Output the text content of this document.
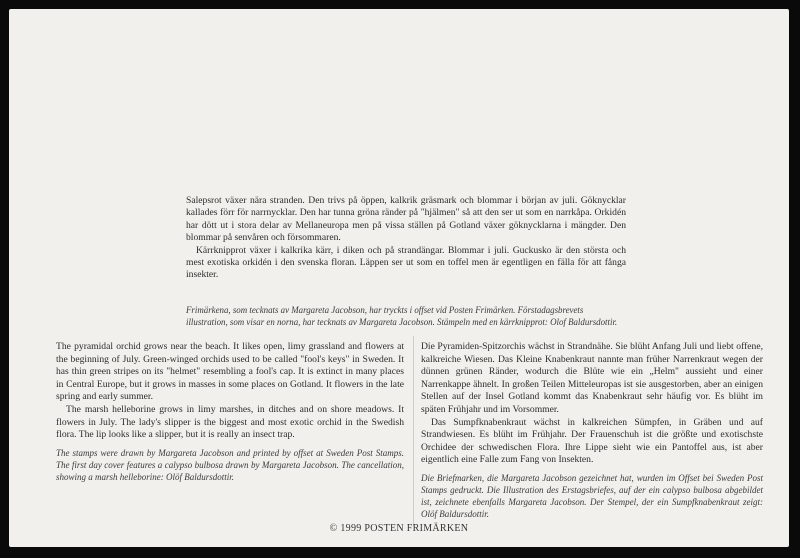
Salepsrot växer nära stranden. Den trivs på öppen, kalkrik gräsmark och blommar i början av juli. Göknycklar kallades förr för narrnycklar. Den har tunna gröna ränder på "hjälmen" så att den ser ut som en narrkåpa. Orkidén har dött ut i stora delar av Mellaneuropa men på vissa ställen på Gotland växer göknycklarna i mängder. Den blommar på senvåren och försommaren.

Kärrknipprot växer i kalkrika kärr, i diken och på strandängar. Blommar i juli. Guckusko är den största och mest exotiska orkidén i den svenska floran. Läppen ser ut som en toffel men är egentligen en fälla för att fånga insekter.

Frimärkena, som tecknats av Margareta Jacobson, har tryckts i offset vid Posten Frimärken. Förstadagsbrevets illustration, som visar en norna, har tecknats av Margareta Jacobson. Stämpeln med en kärrknipprot: Olof Baldursdottir.

The pyramidal orchid grows near the beach. It likes open, limy grassland and flowers at the beginning of July. Green-winged orchids used to be called "fool's keys" in Sweden. It has thin green stripes on its "helmet" resembling a fool's cap. It is extinct in many places in Central Europe, but it grows in masses in some places on Gotland. It flowers in the late spring and early summer.

The marsh helleborine grows in limy marshes, in ditches and on shore meadows. It flowers in July. The lady's slipper is the biggest and most exotic orchid in the Swedish flora. The lip looks like a slipper, but it is really an insect trap.

The stamps were drawn by Margareta Jacobson and printed by offset at Sweden Post Stamps. The first day cover features a calypso bulbosa drawn by Margareta Jacobson. The cancellation, showing a marsh helleborine: Olöf Baldursdottir.

Die Pyramiden-Spitzorchis wächst in Strandnähe. Sie blüht Anfang Juli und liebt offene, kalkreiche Wiesen. Das Kleine Knabenkraut nannte man früher Narrenkraut wegen der dünnen grünen Ränder, wodurch die Blüte wie ein „Helm" aussieht und einer Narrenkappe ähnelt. In großen Teilen Mitteleuropas ist sie ausgestorben, aber an einigen Stellen auf der Insel Gotland kommt das Knabenkraut sehr häufig vor. Es blüht im späten Frühjahr und im Vorsommer.

Das Sumpfknabenkraut wächst in kalkreichen Sümpfen, in Gräben und auf Strandwiesen. Es blüht im Frühjahr. Der Frauenschuh ist die größte und exotischste Orchidee der schwedischen Flora. Ihre Lippe sieht wie ein Pantoffel aus, ist aber eigentlich eine Falle zum Fang von Insekten.

Die Briefmarken, die Margareta Jacobson gezeichnet hat, wurden im Offset bei Sweden Post Stamps gedruckt. Die Illustration des Erstagsbriefes, auf der ein calypso bulbosa abgebildet ist, zeichnete ebenfalls Margareta Jacobson. Der Stempel, der ein Sumpfknabenkraut zeigt: Olöf Baldursdottir.

© 1999 POSTEN FRIMÄRKEN
